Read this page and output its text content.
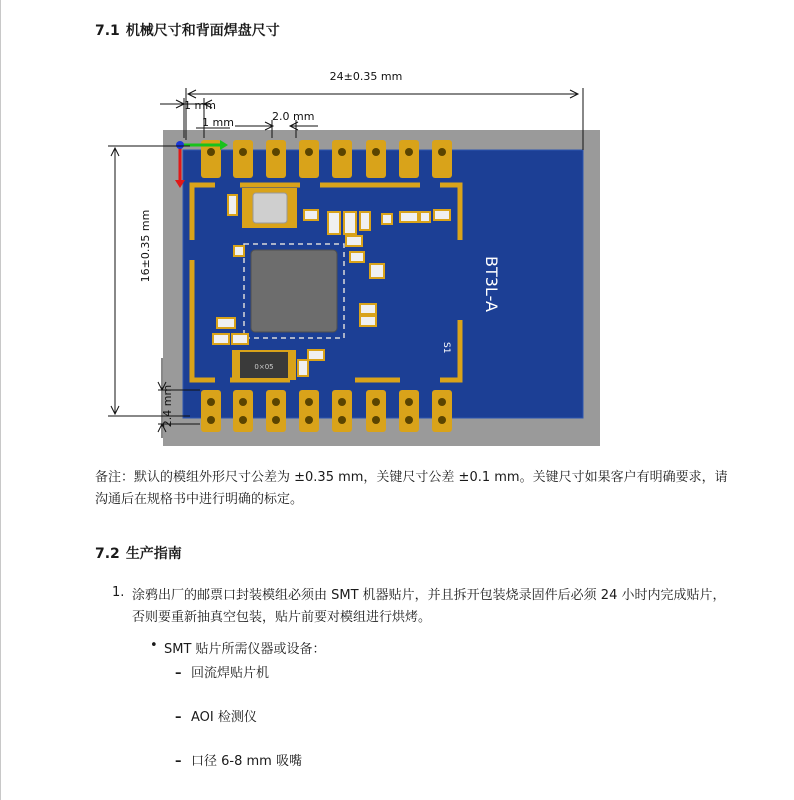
7.1 机械尺寸和背面焊盘尺寸
0×05
BT3L-A
S1
24±0.35 mm
1 mm
1 mm	2.0 mm
16±0.35 mm
2.4 mm

备注：默认的模组外形尺寸公差为 ±0.35 mm，关键尺寸公差 ±0.1 mm。关键尺寸如果客户有明确要求，请沟通后在规格书中进行明确的标定。

7.2 生产指南
1. 涂鸦出厂的邮票口封装模组必须由 SMT 机器贴片，并且拆开包装烧录固件后必须 24 小时内完成贴片，否则要重新抽真空包装，贴片前要对模组进行烘烤。

• SMT 贴片所需仪器或设备：
– 回流焊贴片机
– AOI 检测仪
– 口径 6-8 mm 吸嘴
